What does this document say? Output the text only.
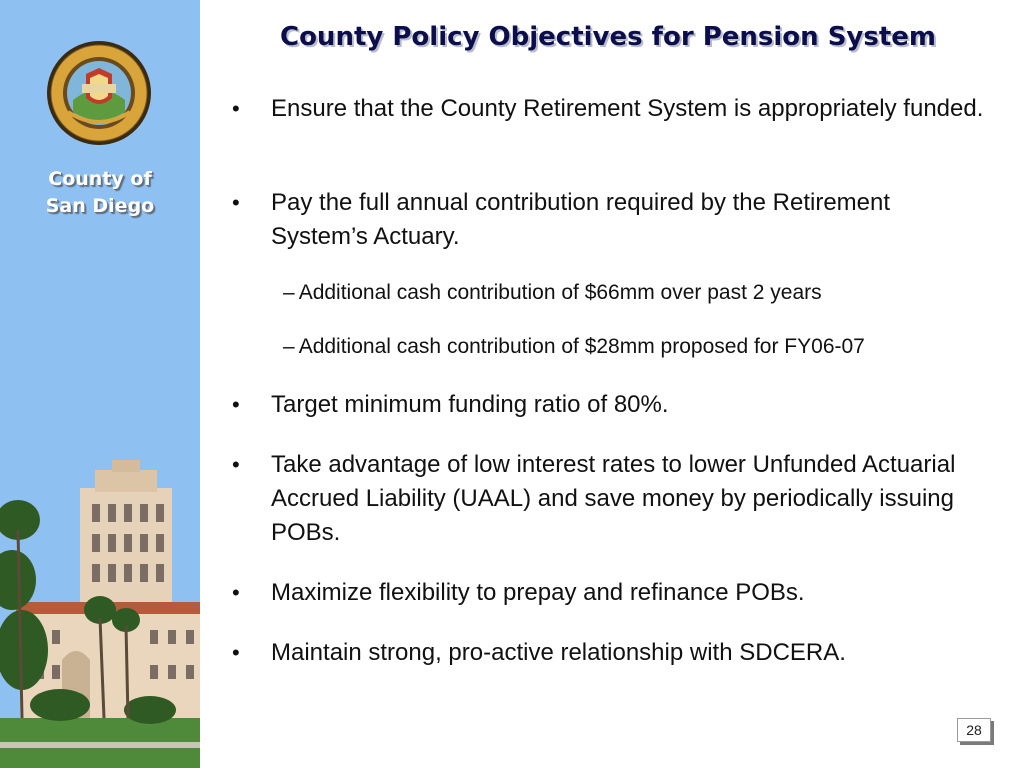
County of
San Diego
County Policy Objectives for Pension System
• Ensure that the County Retirement System is appropriately funded.
• Pay the full annual contribution required by the Retirement System’s Actuary.
• Target minimum funding ratio of 80%.
• Take advantage of low interest rates to lower Unfunded Actuarial Accrued Liability (UAAL) and save money by periodically issuing POBs.
• Maximize flexibility to prepay and refinance POBs.
• Maintain strong, pro-active relationship with SDCERA.
– Additional cash contribution of $66mm over past 2 years
– Additional cash contribution of $28mm proposed for FY06-07
28
